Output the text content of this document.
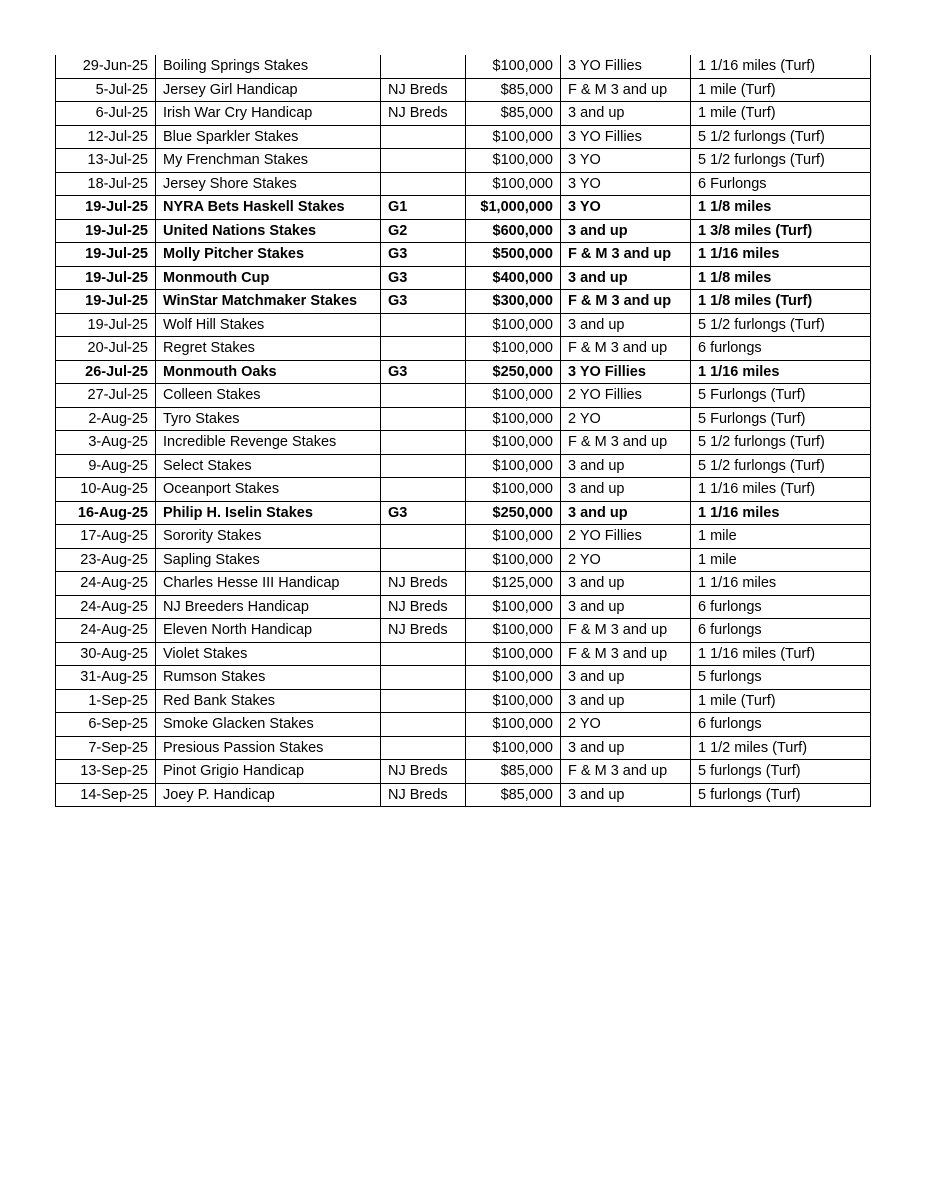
29-Jun-25	Boiling Springs Stakes		$100,000	3 YO Fillies	1 1/16 miles (Turf)
5-Jul-25	Jersey Girl Handicap	NJ Breds	$85,000	F & M 3 and up	1 mile (Turf)
6-Jul-25	Irish War Cry Handicap	NJ Breds	$85,000	3 and up	1 mile (Turf)
12-Jul-25	Blue Sparkler Stakes		$100,000	3 YO Fillies	5 1/2 furlongs (Turf)
13-Jul-25	My Frenchman Stakes		$100,000	3 YO	5 1/2 furlongs (Turf)
18-Jul-25	Jersey Shore Stakes		$100,000	3 YO	6 Furlongs
19-Jul-25	NYRA Bets Haskell Stakes	G1	$1,000,000	3 YO	1 1/8 miles
19-Jul-25	United Nations Stakes	G2	$600,000	3 and up	1 3/8 miles (Turf)
19-Jul-25	Molly Pitcher Stakes	G3	$500,000	F & M 3 and up	1 1/16 miles
19-Jul-25	Monmouth Cup	G3	$400,000	3 and up	1 1/8 miles
19-Jul-25	WinStar Matchmaker Stakes	G3	$300,000	F & M 3 and up	1 1/8 miles (Turf)
19-Jul-25	Wolf Hill Stakes		$100,000	3 and up	5 1/2 furlongs (Turf)
20-Jul-25	Regret Stakes		$100,000	F & M 3 and up	6 furlongs
26-Jul-25	Monmouth Oaks	G3	$250,000	3 YO Fillies	1 1/16 miles
27-Jul-25	Colleen Stakes		$100,000	2 YO Fillies	5 Furlongs (Turf)
2-Aug-25	Tyro Stakes		$100,000	2 YO	5 Furlongs (Turf)
3-Aug-25	Incredible Revenge Stakes		$100,000	F & M 3 and up	5 1/2 furlongs (Turf)
9-Aug-25	Select Stakes		$100,000	3 and up	5 1/2 furlongs (Turf)
10-Aug-25	Oceanport Stakes		$100,000	3 and up	1 1/16 miles (Turf)
16-Aug-25	Philip H. Iselin Stakes	G3	$250,000	3 and up	1 1/16 miles
17-Aug-25	Sorority Stakes		$100,000	2 YO Fillies	1 mile
23-Aug-25	Sapling Stakes		$100,000	2 YO	1 mile
24-Aug-25	Charles Hesse III Handicap	NJ Breds	$125,000	3 and up	1 1/16 miles
24-Aug-25	NJ Breeders Handicap	NJ Breds	$100,000	3 and up	6 furlongs
24-Aug-25	Eleven North Handicap	NJ Breds	$100,000	F & M 3 and up	6 furlongs
30-Aug-25	Violet Stakes		$100,000	F & M 3 and up	1 1/16 miles (Turf)
31-Aug-25	Rumson Stakes		$100,000	3 and up	5 furlongs
1-Sep-25	Red Bank Stakes		$100,000	3 and up	1 mile (Turf)
6-Sep-25	Smoke Glacken Stakes		$100,000	2 YO	6 furlongs
7-Sep-25	Presious Passion Stakes		$100,000	3 and up	1 1/2 miles (Turf)
13-Sep-25	Pinot Grigio Handicap	NJ Breds	$85,000	F & M 3 and up	5 furlongs (Turf)
14-Sep-25	Joey P. Handicap	NJ Breds	$85,000	3 and up	5 furlongs (Turf)
